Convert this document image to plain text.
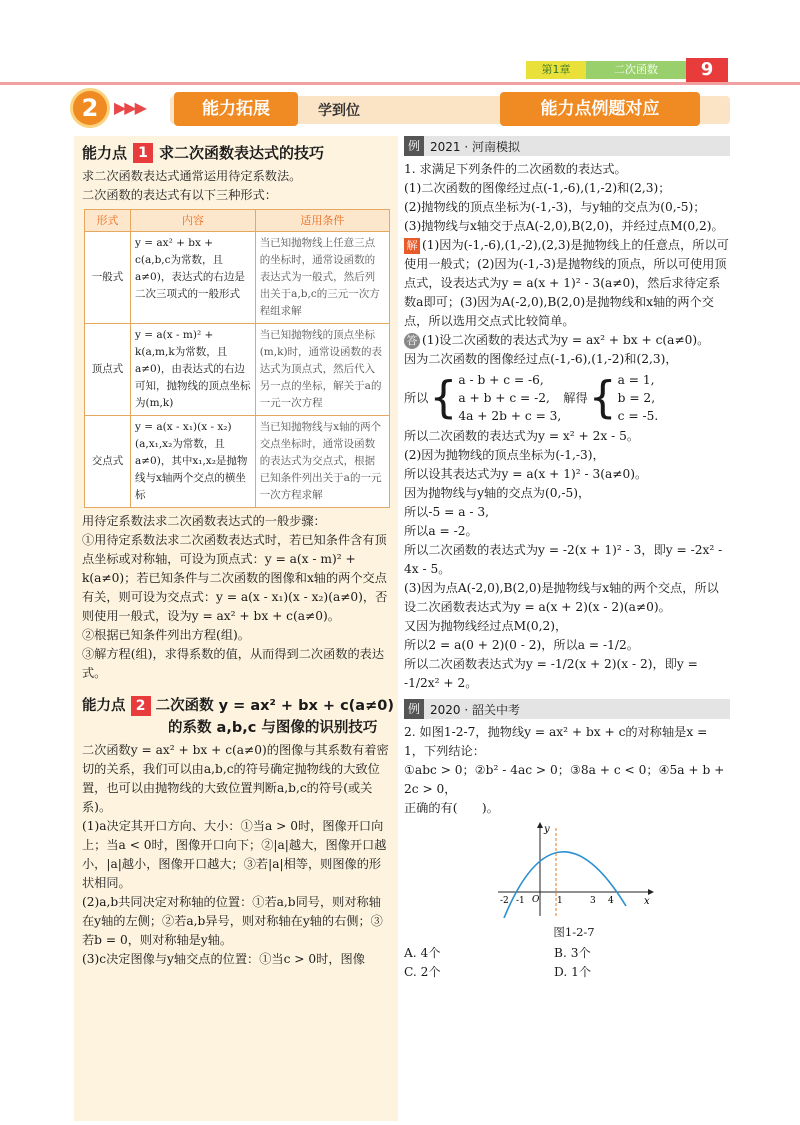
第1章	二次函数	9
2 ▶▶▶	能力拓展	学到位	能力点例题对应
能力点 1 求二次函数表达式的技巧
求二次函数表达式通常运用待定系数法。
二次函数的表达式有以下三种形式：
形式	内容	适用条件
一般式	y = ax² + bx + c(a,b,c为常数，且a≠0)，表达式的右边是二次三项式的一般形式	当已知抛物线上任意三点的坐标时，通常设函数的表达式为一般式，然后列出关于a,b,c的三元一次方程组求解
顶点式	y = a(x - m)² + k(a,m,k为常数，且a≠0)，由表达式的右边可知，抛物线的顶点坐标为(m,k)	当已知抛物线的顶点坐标(m,k)时，通常设函数的表达式为顶点式，然后代入另一点的坐标，解关于a的一元一次方程
交点式	y = a(x - x₁)(x - x₂)(a,x₁,x₂为常数，且a≠0)，其中x₁,x₂是抛物线与x轴两个交点的横坐标	当已知抛物线与x轴的两个交点坐标时，通常设函数的表达式为交点式，根据已知条件列出关于a的一元一次方程求解
用待定系数法求二次函数表达式的一般步骤：
①用待定系数法求二次函数表达式时，若已知条件含有顶点坐标或对称轴，可设为顶点式：y = a(x - m)² + k(a≠0)；若已知条件与二次函数的图像和x轴的两个交点有关，则可设为交点式：y = a(x - x₁)(x - x₂)(a≠0)，否则使用一般式，设为y = ax² + bx + c(a≠0)。
②根据已知条件列出方程(组)。
③解方程(组)，求得系数的值，从而得到二次函数的表达式。
能力点 2 二次函数 y = ax² + bx + c(a≠0)
的系数 a,b,c 与图像的识别技巧
二次函数y = ax² + bx + c(a≠0)的图像与其系数有着密切的关系，我们可以由a,b,c的符号确定抛物线的大致位置，也可以由抛物线的大致位置判断a,b,c的符号(或关系)。
(1)a决定其开口方向、大小：①当a > 0时，图像开口向上；当a < 0时，图像开口向下；②|a|越大，图像开口越小，|a|越小，图像开口越大；③若|a|相等，则图像的形状相同。
(2)a,b共同决定对称轴的位置：①若a,b同号，则对称轴在y轴的左侧；②若a,b异号，则对称轴在y轴的右侧；③若b = 0，则对称轴是y轴。
(3)c决定图像与y轴交点的位置：①当c > 0时，图像
例 2021 · 河南模拟
1. 求满足下列条件的二次函数的表达式。
(1)二次函数的图像经过点(-1,-6),(1,-2)和(2,3)；
(2)抛物线的顶点坐标为(-1,-3)，与y轴的交点为(0,-5)；
(3)抛物线与x轴交于点A(-2,0),B(2,0)，并经过点M(0,2)。
解 (1)因为(-1,-6),(1,-2),(2,3)是抛物线上的任意点，所以可使用一般式；(2)因为(-1,-3)是抛物线的顶点，所以可使用顶点式，设表达式为y = a(x + 1)² - 3(a≠0)，然后求待定系数a即可；(3)因为A(-2,0),B(2,0)是抛物线和x轴的两个交点，所以选用交点式比较简单。
答 (1)设二次函数的表达式为y = ax² + bx + c(a≠0)。
因为二次函数的图像经过点(-1,-6),(1,-2)和(2,3)，
所以 { a - b + c = -6,
a + b + c = -2,
4a + 2b + c = 3,
解得 { a = 1,
b = 2,
c = -5.
所以二次函数的表达式为y = x² + 2x - 5。
(2)因为抛物线的顶点坐标为(-1,-3)，
所以设其表达式为y = a(x + 1)² - 3(a≠0)。
因为抛物线与y轴的交点为(0,-5)，
所以-5 = a - 3,
所以a = -2。
所以二次函数的表达式为y = -2(x + 1)² - 3，即y = -2x² - 4x - 5。
(3)因为点A(-2,0),B(2,0)是抛物线与x轴的两个交点，所以设二次函数表达式为y = a(x + 2)(x - 2)(a≠0)。
又因为抛物线经过点M(0,2)，
所以2 = a(0 + 2)(0 - 2)，所以a = -1/2。
所以二次函数表达式为y = -1/2(x + 2)(x - 2)，即y = -1/2x² + 2。
例 2020 · 韶关中考
2. 如图1-2-7，抛物线y = ax² + bx + c的对称轴是x = 1，下列结论：
①abc > 0；②b² - 4ac > 0；③8a + c < 0；④5a + b + 2c > 0，
正确的有(　　)。
x
y
O
-2 -1	1	3 4
图1-2-7
A. 4个	B. 3个
C. 2个	D. 1个
